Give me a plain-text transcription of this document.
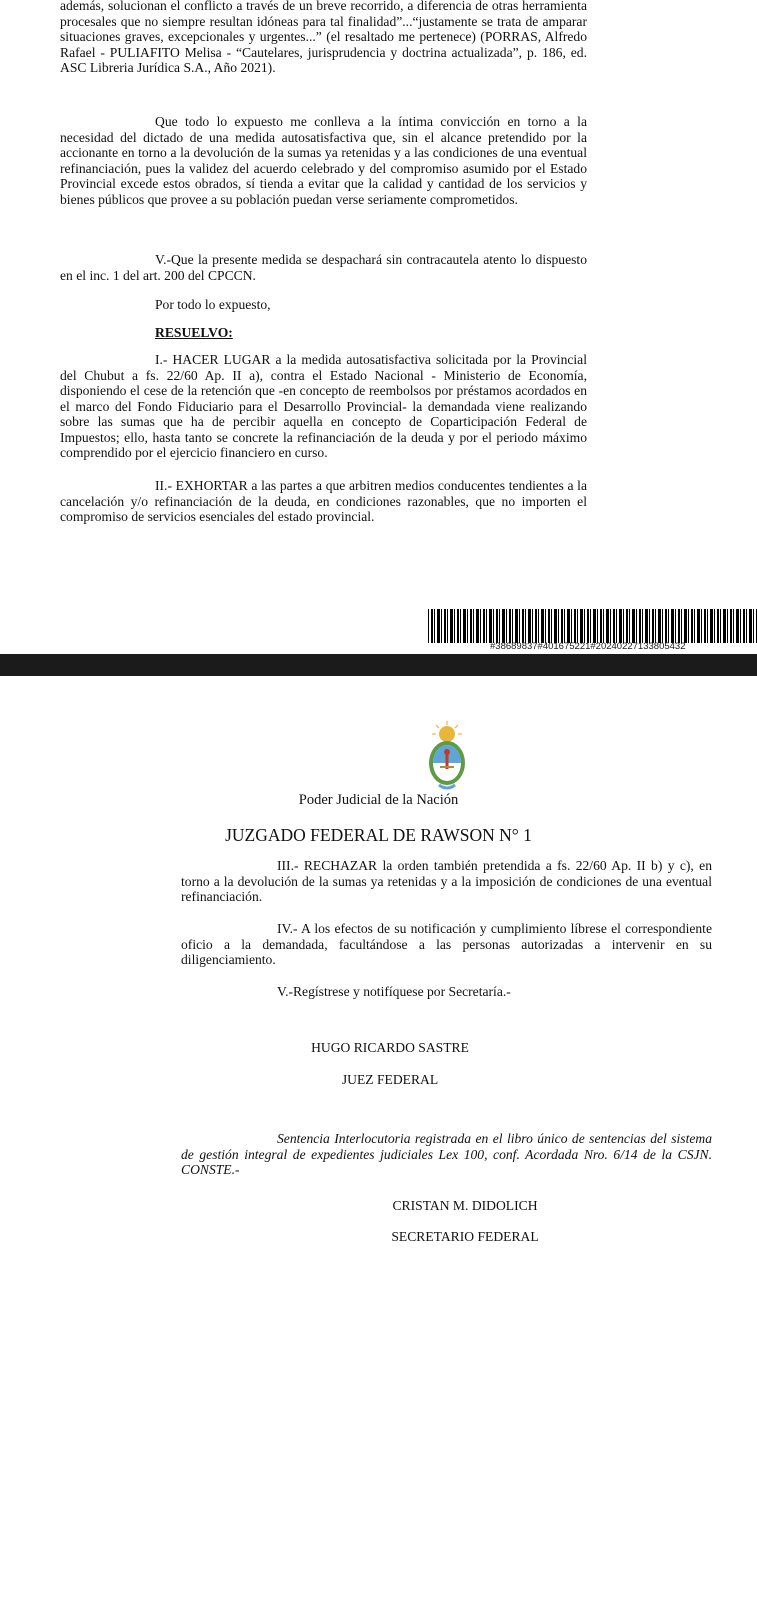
además, solucionan el conflicto a través de un breve recorrido, a diferencia de otras herramienta procesales que no siempre resultan idóneas para tal finalidad”...“justamente se trata de amparar situaciones graves, excepcionales y urgentes...” (el resaltado me pertenece) (PORRAS, Alfredo Rafael - PULIAFITO Melisa - “Cautelares, jurisprudencia y doctrina actualizada”, p. 186, ed. ASC Libreria Jurídica S.A., Año 2021).

Que todo lo expuesto me conlleva a la íntima convicción en torno a la necesidad del dictado de una medida autosatisfactiva que, sin el alcance pretendido por la accionante en torno a la devolución de la sumas ya retenidas y a las condiciones de una eventual refinanciación, pues la validez del acuerdo celebrado y del compromiso asumido por el Estado Provincial excede estos obrados, sí tienda a evitar que la calidad y cantidad de los servicios y bienes públicos que provee a su población puedan verse seriamente comprometidos.

V.-Que la presente medida se despachará sin contracautela atento lo dispuesto en el inc. 1 del art. 200 del CPCCN.

Por todo lo expuesto,

RESUELVO:

I.- HACER LUGAR a la medida autosatisfactiva solicitada por la Provincial del Chubut a fs. 22/60 Ap. II a), contra el Estado Nacional - Ministerio de Economía, disponiendo el cese de la retención que -en concepto de reembolsos por préstamos acordados en el marco del Fondo Fiduciario para el Desarrollo Provincial- la demandada viene realizando sobre las sumas que ha de percibir aquella en concepto de Coparticipación Federal de Impuestos; ello, hasta tanto se concrete la refinanciación de la deuda y por el periodo máximo comprendido por el ejercicio financiero en curso.

II.- EXHORTAR a las partes a que arbitren medios conducentes tendientes a la cancelación y/o refinanciación de la deuda, en condiciones razonables, que no importen el compromiso de servicios esenciales del estado provincial.

#38689837#401675221#20240227133805432

Poder Judicial de la Nación

JUZGADO FEDERAL DE RAWSON N° 1

III.- RECHAZAR la orden también pretendida a fs. 22/60 Ap. II b) y c), en torno a la devolución de la sumas ya retenidas y a la imposición de condiciones de una eventual refinanciación.

IV.- A los efectos de su notificación y cumplimiento líbrese el correspondiente oficio a la demandada, facultándose a las personas autorizadas a intervenir en su diligenciamiento.

V.-Regístrese y notifíquese por Secretaría.-

HUGO RICARDO SASTRE

JUEZ FEDERAL

Sentencia Interlocutoria registrada en el libro único de sentencias del sistema de gestión integral de expedientes judiciales Lex 100, conf. Acordada Nro. 6/14 de la CSJN. CONSTE.-

CRISTAN M. DIDOLICH

SECRETARIO FEDERAL
